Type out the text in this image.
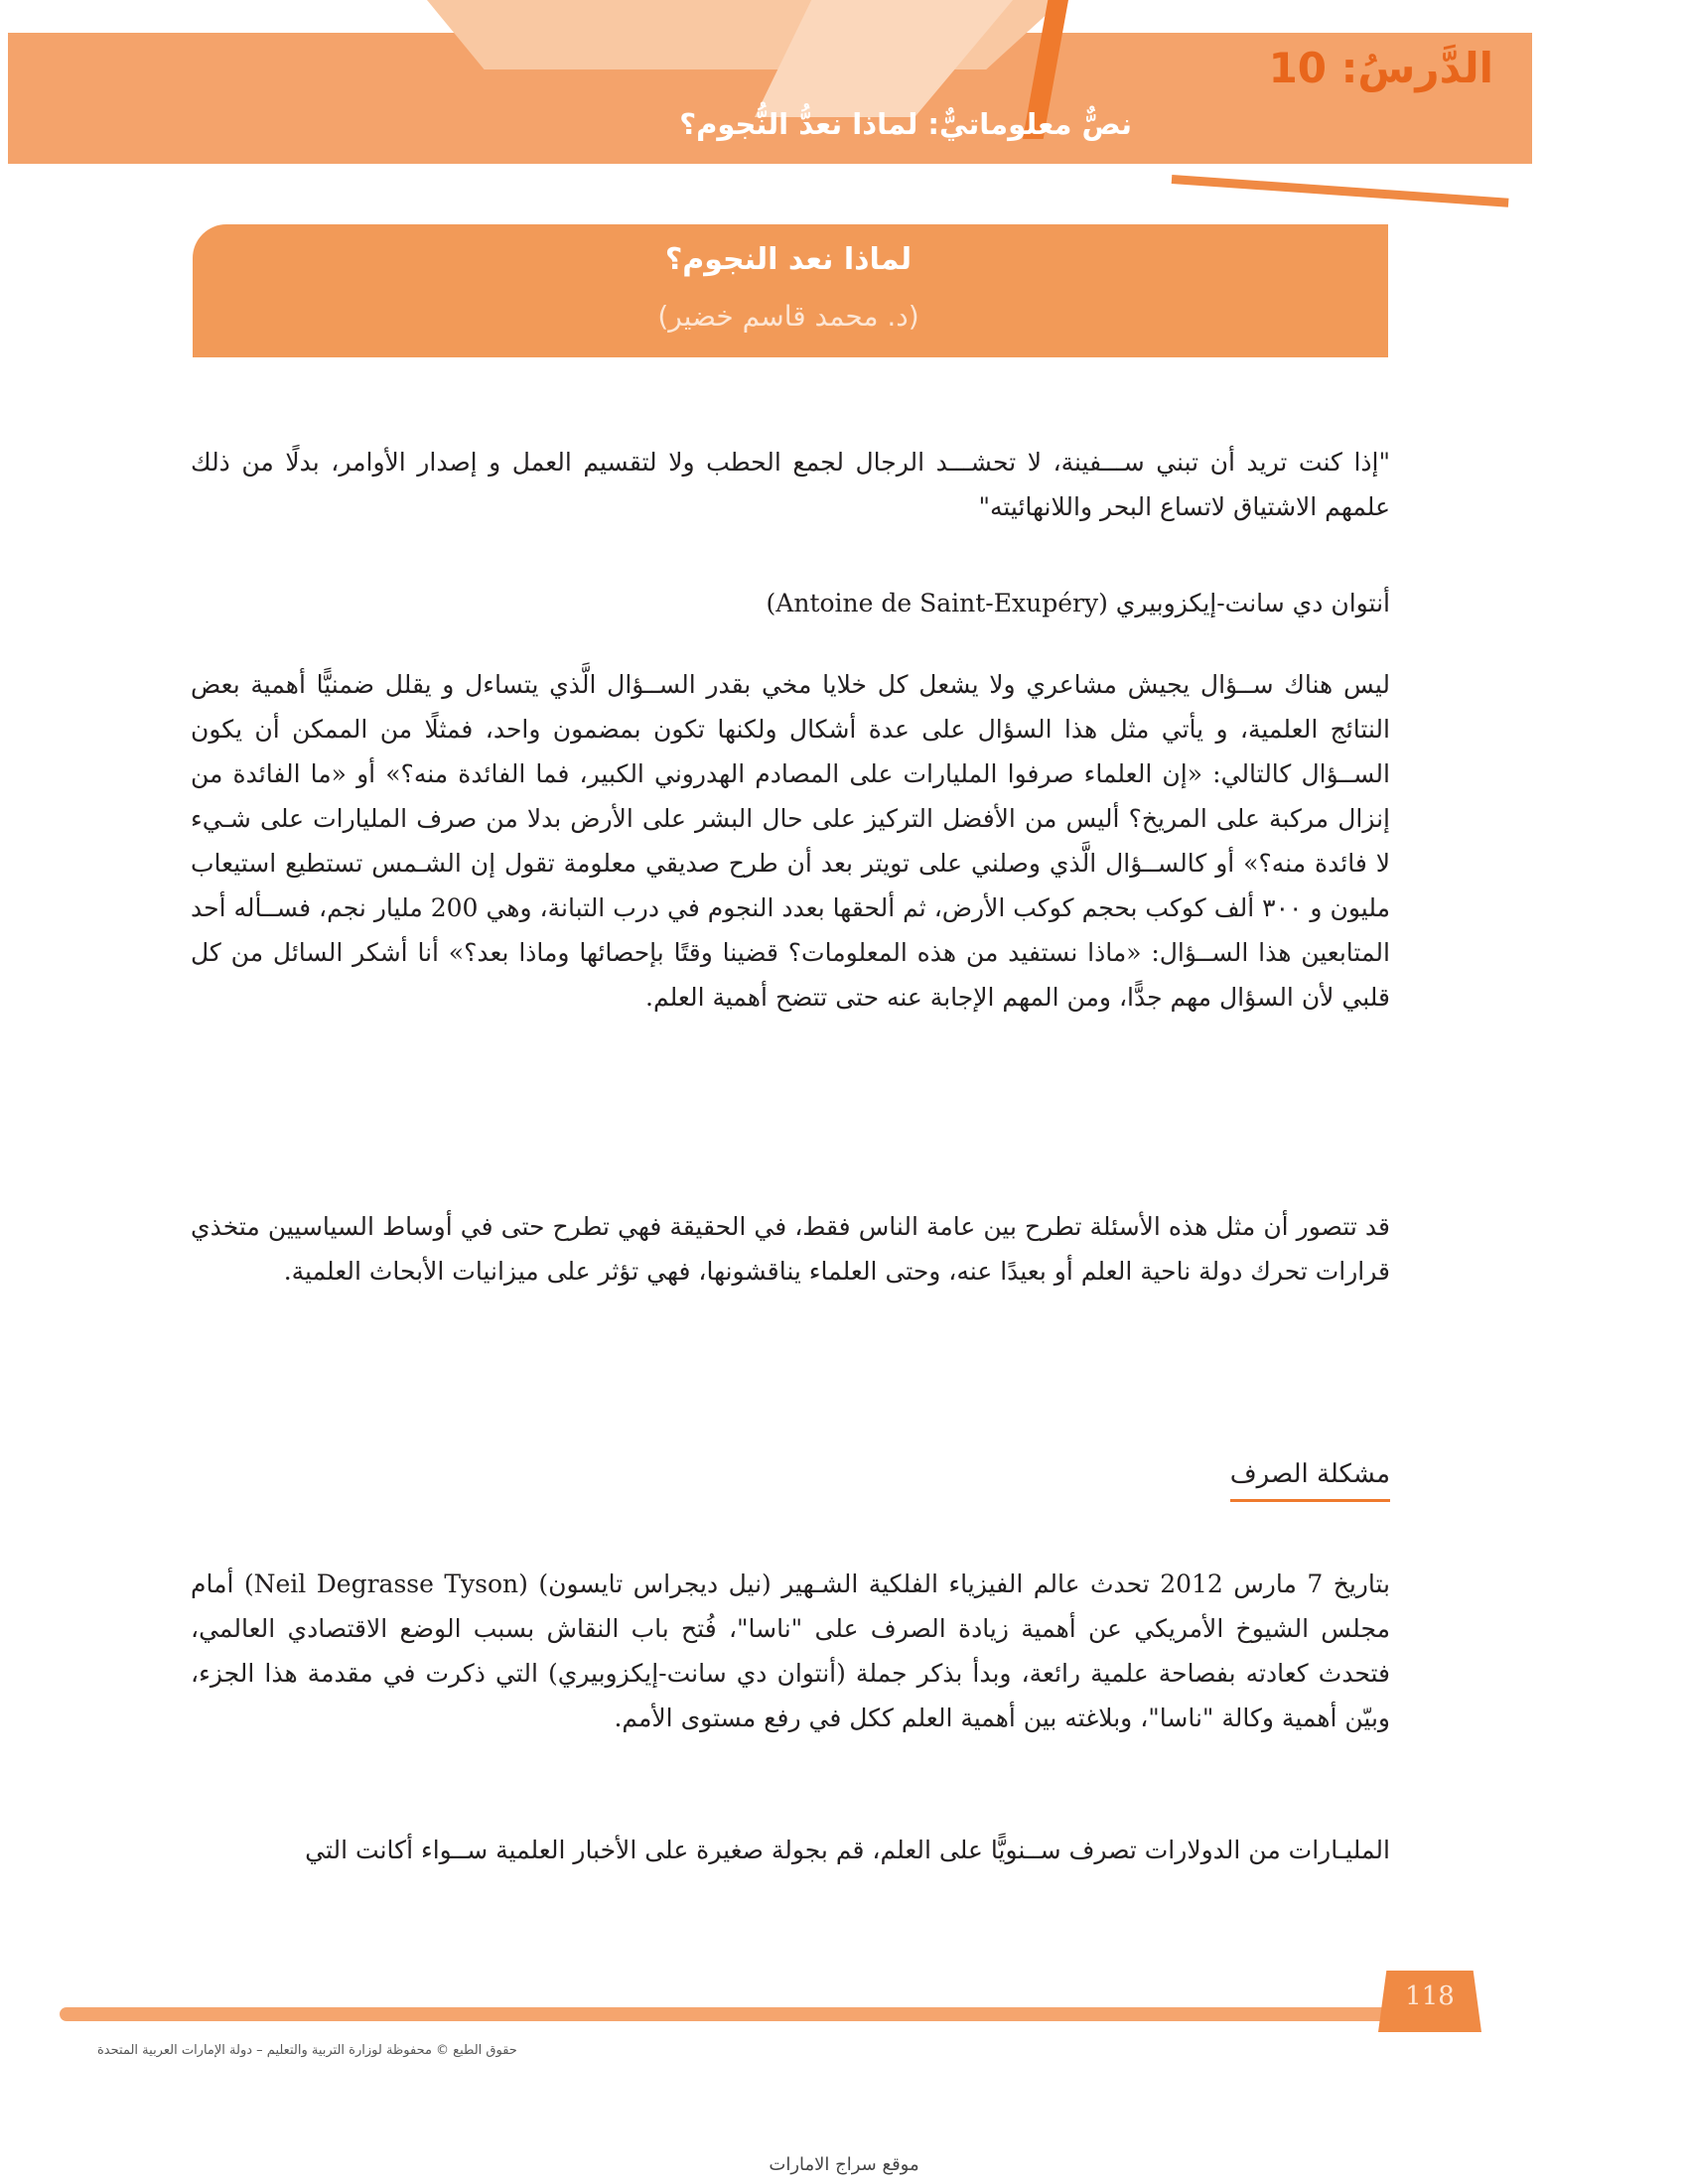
الدَّرسُ: 10
نصٌّ معلوماتيٌّ: لماذا نعدُّ النُّجوم؟
لماذا نعد النجوم؟
(د. محمد قاسم خضير)

"إذا كنت تريد أن تبني ســـفينة، لا تحشـــد الرجال لجمع الحطب ولا لتقسيم العمل و إصدار الأوامر، بدلًا من ذلك علمهم الاشتياق لاتساع البحر واللانهائيته"

أنتوان دي سانت-إيكزوبيري (Antoine de Saint-Exupéry)

ليس هناك ســؤال يجيش مشاعري ولا يشعل كل خلايا مخي بقدر الســؤال الَّذي يتساءل و يقلل ضمنيًّا أهمية بعض النتائج العلمية، و يأتي مثل هذا السؤال على عدة أشكال ولكنها تكون بمضمون واحد، فمثلًا من الممكن أن يكون الســؤال كالتالي: «إن العلماء صرفوا المليارات على المصادم الهدروني الكبير، فما الفائدة منه؟» أو «ما الفائدة من إنزال مركبة على المريخ؟ أليس من الأفضل التركيز على حال البشر على الأرض بدلا من صرف المليارات على شـيء لا فائدة منه؟» أو كالســؤال الَّذي وصلني على تويتر بعد أن طرح صديقي معلومة تقول إن الشـمس تستطيع استيعاب مليون و ٣٠٠ ألف كوكب بحجم كوكب الأرض، ثم ألحقها بعدد النجوم في درب التبانة، وهي 200 مليار نجم، فســأله أحد المتابعين هذا الســؤال: «ماذا نستفيد من هذه المعلومات؟ قضينا وقتًا بإحصائها وماذا بعد؟» أنا أشكر السائل من كل قلبي لأن السؤال مهم جدًّا، ومن المهم الإجابة عنه حتى تتضح أهمية العلم.

قد تتصور أن مثل هذه الأسئلة تطرح بين عامة الناس فقط، في الحقيقة فهي تطرح حتى في أوساط السياسيين متخذي قرارات تحرك دولة ناحية العلم أو بعيدًا عنه، وحتى العلماء يناقشونها، فهي تؤثر على ميزانيات الأبحاث العلمية.

مشكلة الصرف

بتاريخ 7 مارس 2012 تحدث عالم الفيزياء الفلكية الشـهير (نيل ديجراس تايسون) (Neil Degrasse Tyson) أمام مجلس الشيوخ الأمريكي عن أهمية زيادة الصرف على "ناسا"، فُتح باب النقاش بسبب الوضع الاقتصادي العالمي، فتحدث كعادته بفصاحة علمية رائعة، وبدأ بذكر جملة (أنتوان دي سانت-إيكزوبيري) التي ذكرت في مقدمة هذا الجزء، وبيّن أهمية وكالة "ناسا"، وبلاغته بين أهمية العلم ككل في رفع مستوى الأمم.

المليـارات من الدولارات تصرف ســنويًّا على العلم، قم بجولة صغيرة على الأخبار العلمية ســواء أكانت التي

118
حقوق الطبع © محفوظة لوزارة التربية والتعليم – دولة الإمارات العربية المتحدة
موقع سراج الامارات
